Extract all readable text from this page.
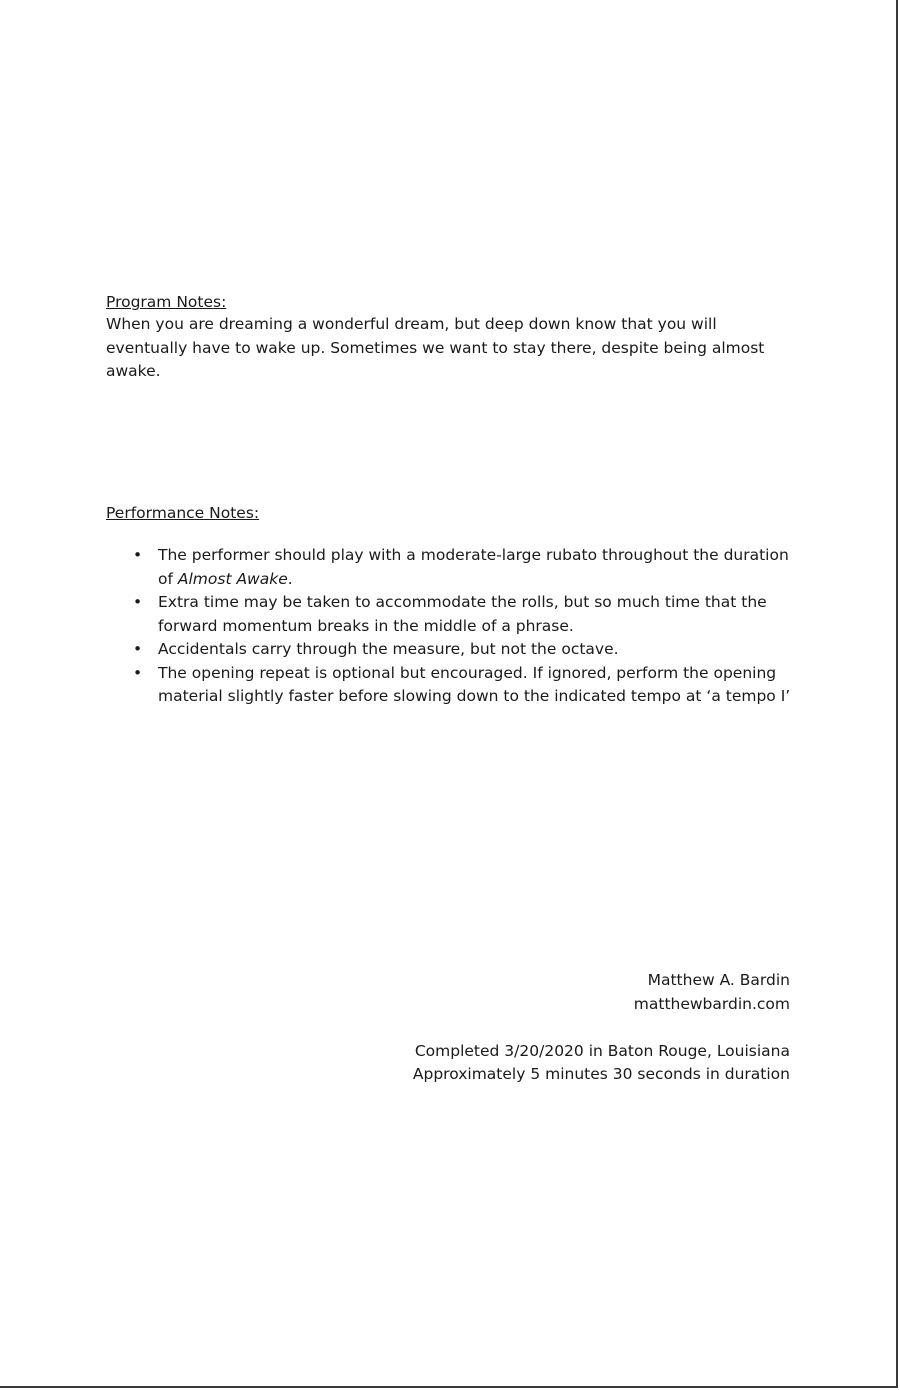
Program Notes:

When you are dreaming a wonderful dream, but deep down know that you will eventually have to wake up. Sometimes we want to stay there, despite being almost awake.

Performance Notes:

• The performer should play with a moderate-large rubato throughout the duration of Almost Awake.
• Extra time may be taken to accommodate the rolls, but so much time that the forward momentum breaks in the middle of a phrase.
• Accidentals carry through the measure, but not the octave.
• The opening repeat is optional but encouraged. If ignored, perform the opening material slightly faster before slowing down to the indicated tempo at ‘a tempo I’
Matthew A. Bardin
matthewbardin.com
Completed 3/20/2020 in Baton Rouge, Louisiana
Approximately 5 minutes 30 seconds in duration
